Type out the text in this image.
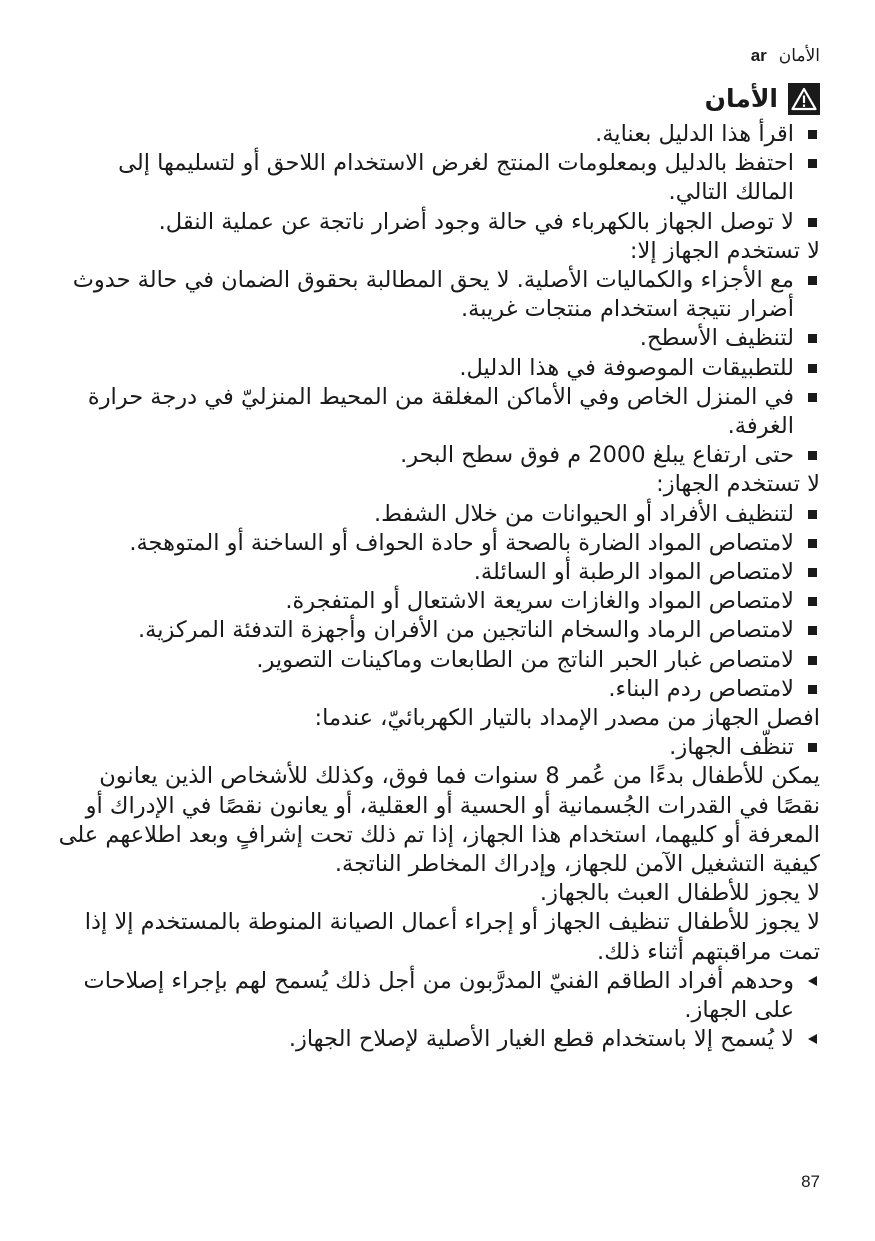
ar الأمان
الأمان
اقرأ هذا الدليل بعناية.
احتفظ بالدليل وبمعلومات المنتج لغرض الاستخدام اللاحق أو لتسليمها إلى المالك التالي.
لا توصل الجهاز بالكهرباء في حالة وجود أضرار ناتجة عن عملية النقل.

لا تستخدم الجهاز إلا:

مع الأجزاء والكماليات الأصلية. لا يحق المطالبة بحقوق الضمان في حالة حدوث أضرار نتيجة استخدام منتجات غريبة.
لتنظيف الأسطح.
للتطبيقات الموصوفة في هذا الدليل.
في المنزل الخاص وفي الأماكن المغلقة من المحيط المنزليّ في درجة حرارة الغرفة.
حتى ارتفاع يبلغ 2000 م فوق سطح البحر.

لا تستخدم الجهاز:

لتنظيف الأفراد أو الحيوانات من خلال الشفط.
لامتصاص المواد الضارة بالصحة أو حادة الحواف أو الساخنة أو المتوهجة.
لامتصاص المواد الرطبة أو السائلة.
لامتصاص المواد والغازات سريعة الاشتعال أو المتفجرة.
لامتصاص الرماد والسخام الناتجين من الأفران وأجهزة التدفئة المركزية.
لامتصاص غبار الحبر الناتج من الطابعات وماكينات التصوير.
لامتصاص ردم البناء.

افصل الجهاز من مصدر الإمداد بالتيار الكهربائيّ، عندما:

تنظّف الجهاز.

يمكن للأطفال بدءًا من عُمر 8 سنوات فما فوق، وكذلك للأشخاص الذين يعانون نقصًا في القدرات الجُسمانية أو الحسية أو العقلية، أو يعانون نقصًا في الإدراك أو المعرفة أو كليهما، استخدام هذا الجهاز، إذا تم ذلك تحت إشرافٍ وبعد اطلاعهم على كيفية التشغيل الآمن للجهاز، وإدراك المخاطر الناتجة.

لا يجوز للأطفال العبث بالجهاز.

لا يجوز للأطفال تنظيف الجهاز أو إجراء أعمال الصيانة المنوطة بالمستخدم إلا إذا تمت مراقبتهم أثناء ذلك.

وحدهم أفراد الطاقم الفنيّ المدرَّبون من أجل ذلك يُسمح لهم بإجراء إصلاحات على الجهاز.
لا يُسمح إلا باستخدام قطع الغيار الأصلية لإصلاح الجهاز.
87
